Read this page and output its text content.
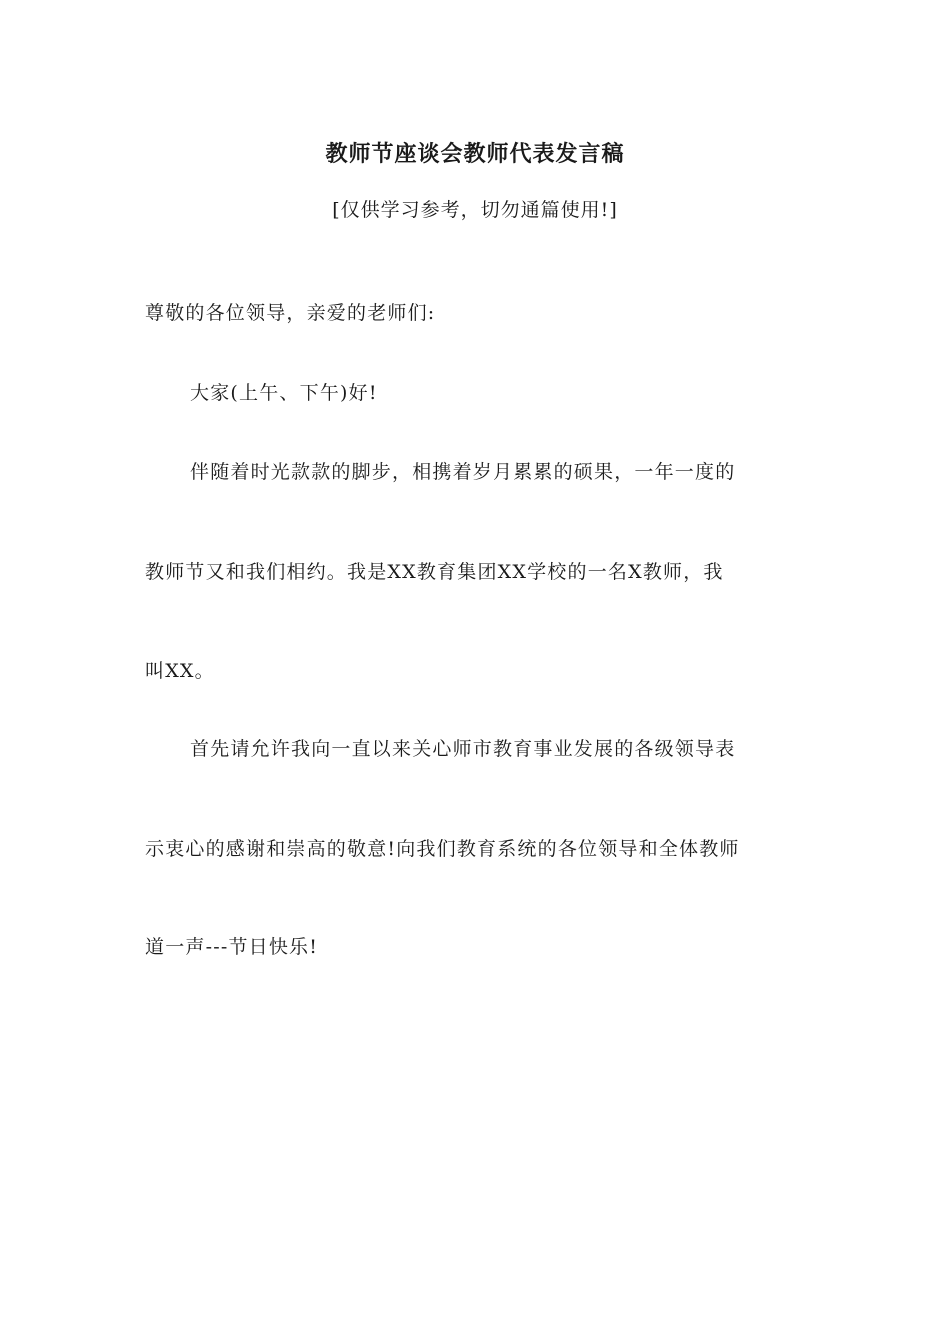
教师节座谈会教师代表发言稿
[仅供学习参考，切勿通篇使用!]
尊敬的各位领导，亲爱的老师们:
大家(上午、下午)好!
伴随着时光款款的脚步，相携着岁月累累的硕果，一年一度的
教师节又和我们相约。我是XX教育集团XX学校的一名X教师，我
叫XX。
首先请允许我向一直以来关心师市教育事业发展的各级领导表
示衷心的感谢和崇高的敬意!向我们教育系统的各位领导和全体教师
道一声---节日快乐!
